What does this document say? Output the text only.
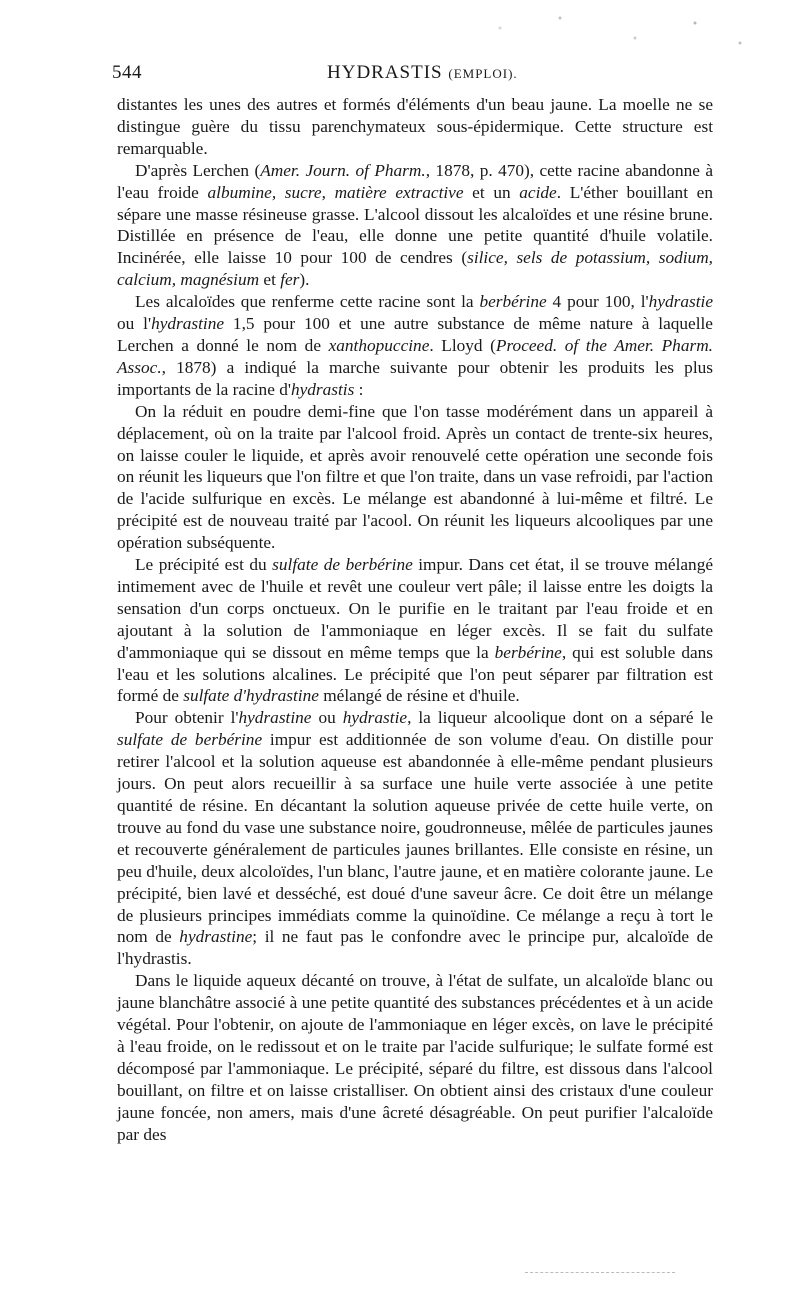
544	HYDRASTIS (EMPLOI).

distantes les unes des autres et formés d'éléments d'un beau jaune. La moelle ne se distingue guère du tissu parenchymateux sous-épidermique. Cette structure est remarquable.

D'après Lerchen (Amer. Journ. of Pharm., 1878, p. 470), cette racine abandonne à l'eau froide albumine, sucre, matière extractive et un acide. L'éther bouillant en sépare une masse résineuse grasse. L'alcool dissout les alcaloïdes et une résine brune. Distillée en présence de l'eau, elle donne une petite quantité d'huile volatile. Incinérée, elle laisse 10 pour 100 de cendres (silice, sels de potassium, sodium, calcium, magnésium et fer).

Les alcaloïdes que renferme cette racine sont la berbérine 4 pour 100, l'hydrastie ou l'hydrastine 1,5 pour 100 et une autre substance de même nature à laquelle Lerchen a donné le nom de xanthopuccine. Lloyd (Proceed. of the Amer. Pharm. Assoc., 1878) a indiqué la marche suivante pour obtenir les produits les plus importants de la racine d'hydrastis :

On la réduit en poudre demi-fine que l'on tasse modérément dans un appareil à déplacement, où on la traite par l'alcool froid. Après un contact de trente-six heures, on laisse couler le liquide, et après avoir renouvelé cette opération une seconde fois on réunit les liqueurs que l'on filtre et que l'on traite, dans un vase refroidi, par l'action de l'acide sulfurique en excès. Le mélange est abandonné à lui-même et filtré. Le précipité est de nouveau traité par l'acool. On réunit les liqueurs alcooliques par une opération subséquente.

Le précipité est du sulfate de berbérine impur. Dans cet état, il se trouve mélangé intimement avec de l'huile et revêt une couleur vert pâle; il laisse entre les doigts la sensation d'un corps onctueux. On le purifie en le traitant par l'eau froide et en ajoutant à la solution de l'ammoniaque en léger excès. Il se fait du sulfate d'ammoniaque qui se dissout en même temps que la berbérine, qui est soluble dans l'eau et les solutions alcalines. Le précipité que l'on peut séparer par filtration est formé de sulfate d'hydrastine mélangé de résine et d'huile.

Pour obtenir l'hydrastine ou hydrastie, la liqueur alcoolique dont on a séparé le sulfate de berbérine impur est additionnée de son volume d'eau. On distille pour retirer l'alcool et la solution aqueuse est abandonnée à elle-même pendant plusieurs jours. On peut alors recueillir à sa surface une huile verte associée à une petite quantité de résine. En décantant la solution aqueuse privée de cette huile verte, on trouve au fond du vase une substance noire, goudronneuse, mêlée de particules jaunes et recouverte généralement de particules jaunes brillantes. Elle consiste en résine, un peu d'huile, deux alcoloïdes, l'un blanc, l'autre jaune, et en matière colorante jaune. Le précipité, bien lavé et desséché, est doué d'une saveur âcre. Ce doit être un mélange de plusieurs principes immédiats comme la quinoïdine. Ce mélange a reçu à tort le nom de hydrastine; il ne faut pas le confondre avec le principe pur, alcaloïde de l'hydrastis.

Dans le liquide aqueux décanté on trouve, à l'état de sulfate, un alcaloïde blanc ou jaune blanchâtre associé à une petite quantité des substances précédentes et à un acide végétal. Pour l'obtenir, on ajoute de l'ammoniaque en léger excès, on lave le précipité à l'eau froide, on le redissout et on le traite par l'acide sulfurique; le sulfate formé est décomposé par l'ammoniaque. Le précipité, séparé du filtre, est dissous dans l'alcool bouillant, on filtre et on laisse cristalliser. On obtient ainsi des cristaux d'une couleur jaune foncée, non amers, mais d'une âcreté désagréable. On peut purifier l'alcaloïde par des
